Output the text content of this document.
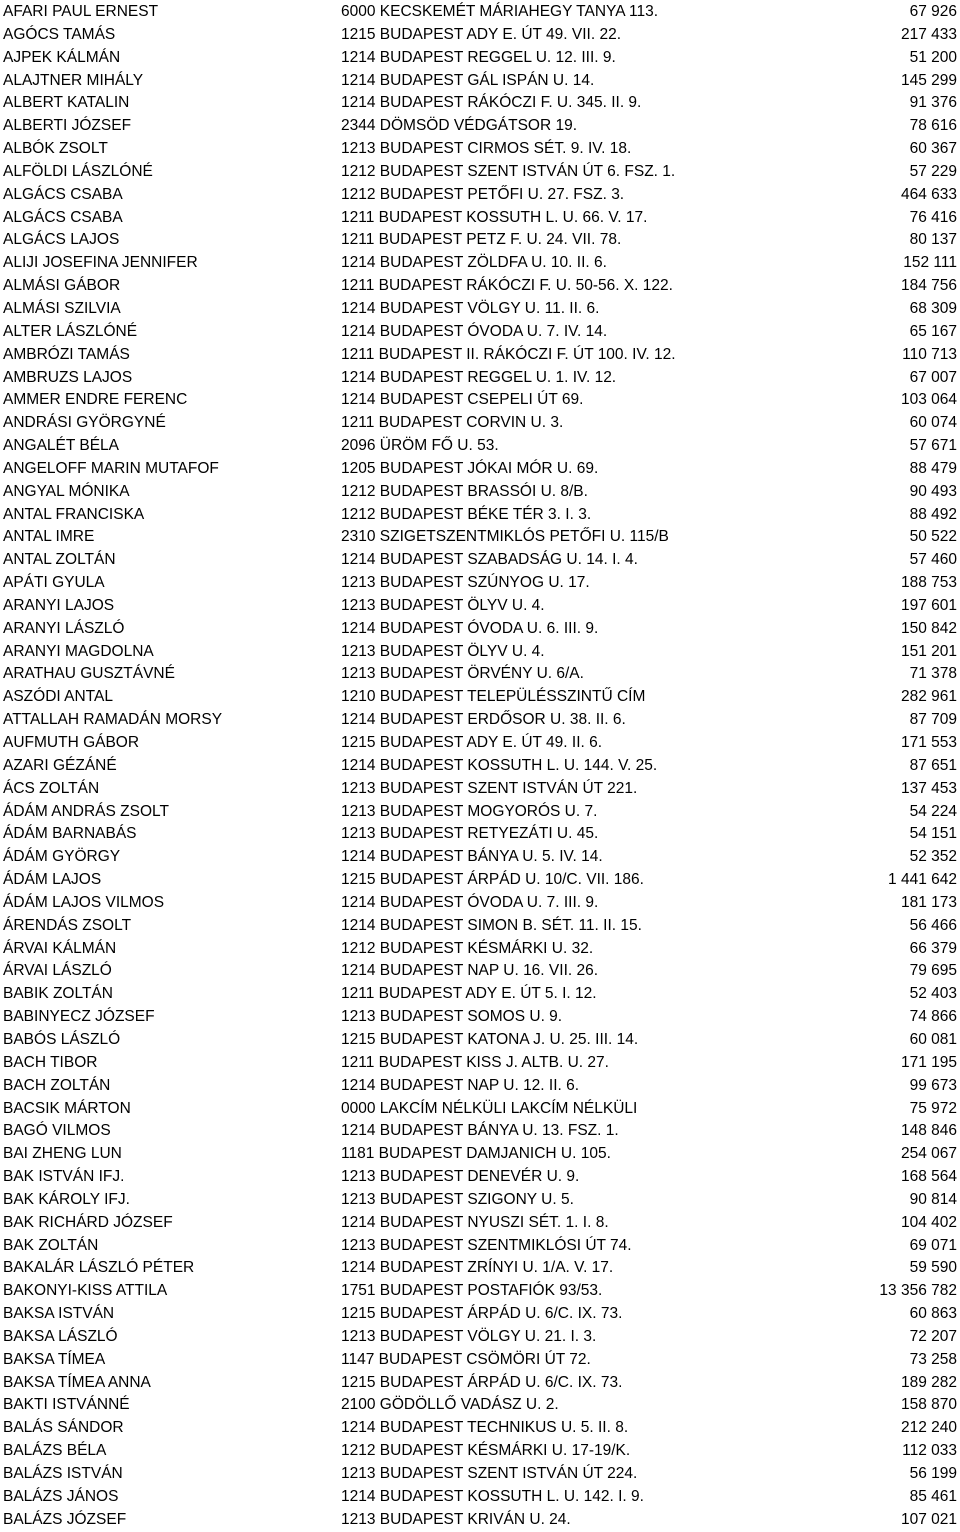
AFARI PAUL ERNEST	6000 KECSKEMÉT MÁRIAHEGY TANYA 113.	67 926
AGÓCS TAMÁS	1215 BUDAPEST ADY E. ÚT 49. VII. 22.	217 433
AJPEK KÁLMÁN	1214 BUDAPEST REGGEL U. 12. III. 9.	51 200
ALAJTNER MIHÁLY	1214 BUDAPEST GÁL ISPÁN U. 14.	145 299
ALBERT KATALIN	1214 BUDAPEST RÁKÓCZI F. U. 345. II. 9.	91 376
ALBERTI JÓZSEF	2344 DÖMSÖD VÉDGÁTSOR 19.	78 616
ALBÓK ZSOLT	1213 BUDAPEST CIRMOS SÉT. 9. IV. 18.	60 367
ALFÖLDI LÁSZLÓNÉ	1212 BUDAPEST SZENT ISTVÁN ÚT 6. FSZ. 1.	57 229
ALGÁCS CSABA	1212 BUDAPEST PETŐFI U. 27. FSZ. 3.	464 633
ALGÁCS CSABA	1211 BUDAPEST KOSSUTH L. U. 66. V. 17.	76 416
ALGÁCS LAJOS	1211 BUDAPEST PETZ F. U. 24. VII. 78.	80 137
ALIJI JOSEFINA JENNIFER	1214 BUDAPEST ZÖLDFA U. 10. II. 6.	152 111
ALMÁSI GÁBOR	1211 BUDAPEST RÁKÓCZI F. U. 50-56. X. 122.	184 756
ALMÁSI SZILVIA	1214 BUDAPEST VÖLGY U. 11. II. 6.	68 309
ALTER LÁSZLÓNÉ	1214 BUDAPEST ÓVODA U. 7. IV. 14.	65 167
AMBRÓZI TAMÁS	1211 BUDAPEST II. RÁKÓCZI F. ÚT 100. IV. 12.	110 713
AMBRUZS LAJOS	1214 BUDAPEST REGGEL U. 1. IV. 12.	67 007
AMMER ENDRE FERENC	1214 BUDAPEST CSEPELI ÚT 69.	103 064
ANDRÁSI GYÖRGYNÉ	1211 BUDAPEST CORVIN U. 3.	60 074
ANGALÉT BÉLA	2096 ÜRÖM FŐ U. 53.	57 671
ANGELOFF MARIN MUTAFOF	1205 BUDAPEST JÓKAI MÓR U. 69.	88 479
ANGYAL MÓNIKA	1212 BUDAPEST BRASSÓI U. 8/B.	90 493
ANTAL FRANCISKA	1212 BUDAPEST BÉKE TÉR 3. I. 3.	88 492
ANTAL IMRE	2310 SZIGETSZENTMIKLÓS PETŐFI U. 115/B	50 522
ANTAL ZOLTÁN	1214 BUDAPEST SZABADSÁG U. 14. I. 4.	57 460
APÁTI GYULA	1213 BUDAPEST SZÚNYOG U. 17.	188 753
ARANYI LAJOS	1213 BUDAPEST ÖLYV U. 4.	197 601
ARANYI LÁSZLÓ	1214 BUDAPEST ÓVODA U. 6. III. 9.	150 842
ARANYI MAGDOLNA	1213 BUDAPEST ÖLYV U. 4.	151 201
ARATHAU GUSZTÁVNÉ	1213 BUDAPEST ÖRVÉNY U. 6/A.	71 378
ASZÓDI ANTAL	1210 BUDAPEST TELEPÜLÉSSZINTŰ CÍM	282 961
ATTALLAH RAMADÁN MORSY	1214 BUDAPEST ERDŐSOR U. 38. II. 6.	87 709
AUFMUTH GÁBOR	1215 BUDAPEST ADY E. ÚT 49. II. 6.	171 553
AZARI GÉZÁNÉ	1214 BUDAPEST KOSSUTH L. U. 144. V. 25.	87 651
ÁCS ZOLTÁN	1213 BUDAPEST SZENT ISTVÁN ÚT 221.	137 453
ÁDÁM ANDRÁS ZSOLT	1213 BUDAPEST MOGYORÓS U. 7.	54 224
ÁDÁM BARNABÁS	1213 BUDAPEST RETYEZÁTI U. 45.	54 151
ÁDÁM GYÖRGY	1214 BUDAPEST BÁNYA U. 5. IV. 14.	52 352
ÁDÁM LAJOS	1215 BUDAPEST ÁRPÁD U. 10/C. VII. 186.	1 441 642
ÁDÁM LAJOS VILMOS	1214 BUDAPEST ÓVODA U. 7. III. 9.	181 173
ÁRENDÁS ZSOLT	1214 BUDAPEST SIMON B. SÉT. 11. II. 15.	56 466
ÁRVAI KÁLMÁN	1212 BUDAPEST KÉSMÁRKI U. 32.	66 379
ÁRVAI LÁSZLÓ	1214 BUDAPEST NAP U. 16. VII. 26.	79 695
BABIK ZOLTÁN	1211 BUDAPEST ADY E. ÚT 5. I. 12.	52 403
BABINYECZ JÓZSEF	1213 BUDAPEST SOMOS U. 9.	74 866
BABÓS LÁSZLÓ	1215 BUDAPEST KATONA J. U. 25. III. 14.	60 081
BACH TIBOR	1211 BUDAPEST KISS J. ALTB. U. 27.	171 195
BACH ZOLTÁN	1214 BUDAPEST NAP U. 12. II. 6.	99 673
BACSIK MÁRTON	0000 LAKCÍM NÉLKÜLI LAKCÍM NÉLKÜLI	75 972
BAGÓ VILMOS	1214 BUDAPEST BÁNYA U. 13. FSZ. 1.	148 846
BAI ZHENG LUN	1181 BUDAPEST DAMJANICH U. 105.	254 067
BAK ISTVÁN IFJ.	1213 BUDAPEST DENEVÉR U. 9.	168 564
BAK KÁROLY IFJ.	1213 BUDAPEST SZIGONY U. 5.	90 814
BAK RICHÁRD JÓZSEF	1214 BUDAPEST NYUSZI SÉT. 1. I. 8.	104 402
BAK ZOLTÁN	1213 BUDAPEST SZENTMIKLÓSI ÚT 74.	69 071
BAKALÁR LÁSZLÓ PÉTER	1214 BUDAPEST ZRÍNYI U. 1/A. V. 17.	59 590
BAKONYI-KISS ATTILA	1751 BUDAPEST POSTAFIÓK 93/53.	13 356 782
BAKSA ISTVÁN	1215 BUDAPEST ÁRPÁD U. 6/C. IX. 73.	60 863
BAKSA LÁSZLÓ	1213 BUDAPEST VÖLGY U. 21. I. 3.	72 207
BAKSA TÍMEA	1147 BUDAPEST CSÖMÖRI ÚT 72.	73 258
BAKSA TÍMEA ANNA	1215 BUDAPEST ÁRPÁD U. 6/C. IX. 73.	189 282
BAKTI ISTVÁNNÉ	2100 GÖDÖLLŐ VADÁSZ U. 2.	158 870
BALÁS SÁNDOR	1214 BUDAPEST TECHNIKUS U. 5. II. 8.	212 240
BALÁZS BÉLA	1212 BUDAPEST KÉSMÁRKI U. 17-19/K.	112 033
BALÁZS ISTVÁN	1213 BUDAPEST SZENT ISTVÁN ÚT 224.	56 199
BALÁZS JÁNOS	1214 BUDAPEST KOSSUTH L. U. 142. I. 9.	85 461
BALÁZS JÓZSEF	1213 BUDAPEST KRIVÁN U. 24.	107 021
